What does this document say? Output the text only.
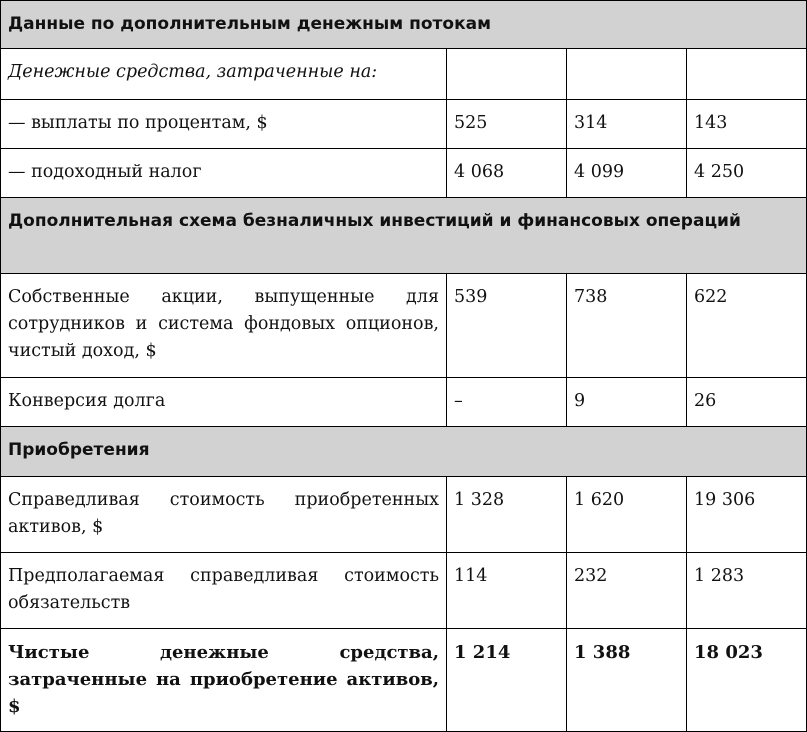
Данные по дополнительным денежным потокам			
Денежные средства, затраченные на:			
— выплаты по процентам, $	525	314	143
— подоходный налог	4 068	4 099	4 250
Дополнительная схема безналичных инвестиций и финансовых операций			
Собственные акции, выпущенные для сотрудников и система фондовых опционов, чистый доход, $	539	738	622
Конверсия долга	–	9	26
Приобретения			
Справедливая стоимость приобретенных активов, $	1 328	1 620	19 306
Предполагаемая справедливая стоимость обязательств	114	232	1 283
Чистые денежные средства, затраченные на приобретение активов, $	1 214	1 388	18 023
